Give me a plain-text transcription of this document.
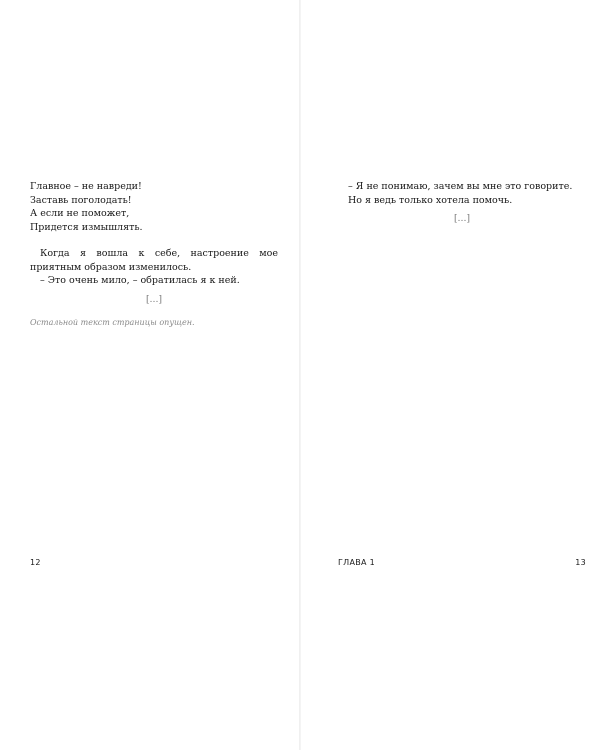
Главное – не навреди!
Заставь поголодать!
А если не поможет,
Придется измышлять.

Когда я вошла к себе, настроение мое приятным образом изменилось.

– Это очень мило, – обратилась я к ней.

[…]

Остальной текст страницы опущен.

12

– Я не понимаю, зачем вы мне это говорите.

Но я ведь только хотела помочь.

[…]

ГЛАВА 1	13
